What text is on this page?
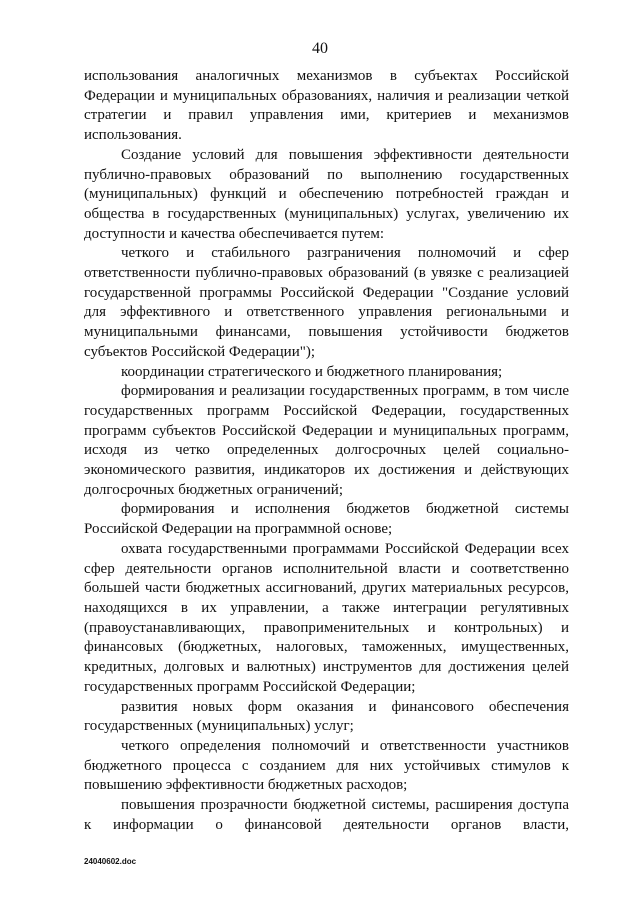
40

использования аналогичных механизмов в субъектах Российской Федерации и муниципальных образованиях, наличия и реализации четкой стратегии и правил управления ими, критериев и механизмов использования.

Создание условий для повышения эффективности деятельности публично-правовых образований по выполнению государственных (муниципальных) функций и обеспечению потребностей граждан и общества в государственных (муниципальных) услугах, увеличению их доступности и качества обеспечивается путем:

четкого и стабильного разграничения полномочий и сфер ответственности публично-правовых образований (в увязке с реализацией государственной программы Российской Федерации "Создание условий для эффективного и ответственного управления региональными и муниципальными финансами, повышения устойчивости бюджетов субъектов Российской Федерации");

координации стратегического и бюджетного планирования;

формирования и реализации государственных программ, в том числе государственных программ Российской Федерации, государственных программ субъектов Российской Федерации и муниципальных программ, исходя из четко определенных долгосрочных целей социально-экономического развития, индикаторов их достижения и действующих долгосрочных бюджетных ограничений;

формирования и исполнения бюджетов бюджетной системы Российской Федерации на программной основе;

охвата государственными программами Российской Федерации всех сфер деятельности органов исполнительной власти и соответственно большей части бюджетных ассигнований, других материальных ресурсов, находящихся в их управлении, а также интеграции регулятивных (правоустанавливающих, правоприменительных и контрольных) и финансовых (бюджетных, налоговых, таможенных, имущественных, кредитных, долговых и валютных) инструментов для достижения целей государственных программ Российской Федерации;

развития новых форм оказания и финансового обеспечения государственных (муниципальных) услуг;

четкого определения полномочий и ответственности участников бюджетного процесса с созданием для них устойчивых стимулов к повышению эффективности бюджетных расходов;

повышения прозрачности бюджетной системы, расширения доступа к информации о финансовой деятельности органов власти,

24040602.doc
